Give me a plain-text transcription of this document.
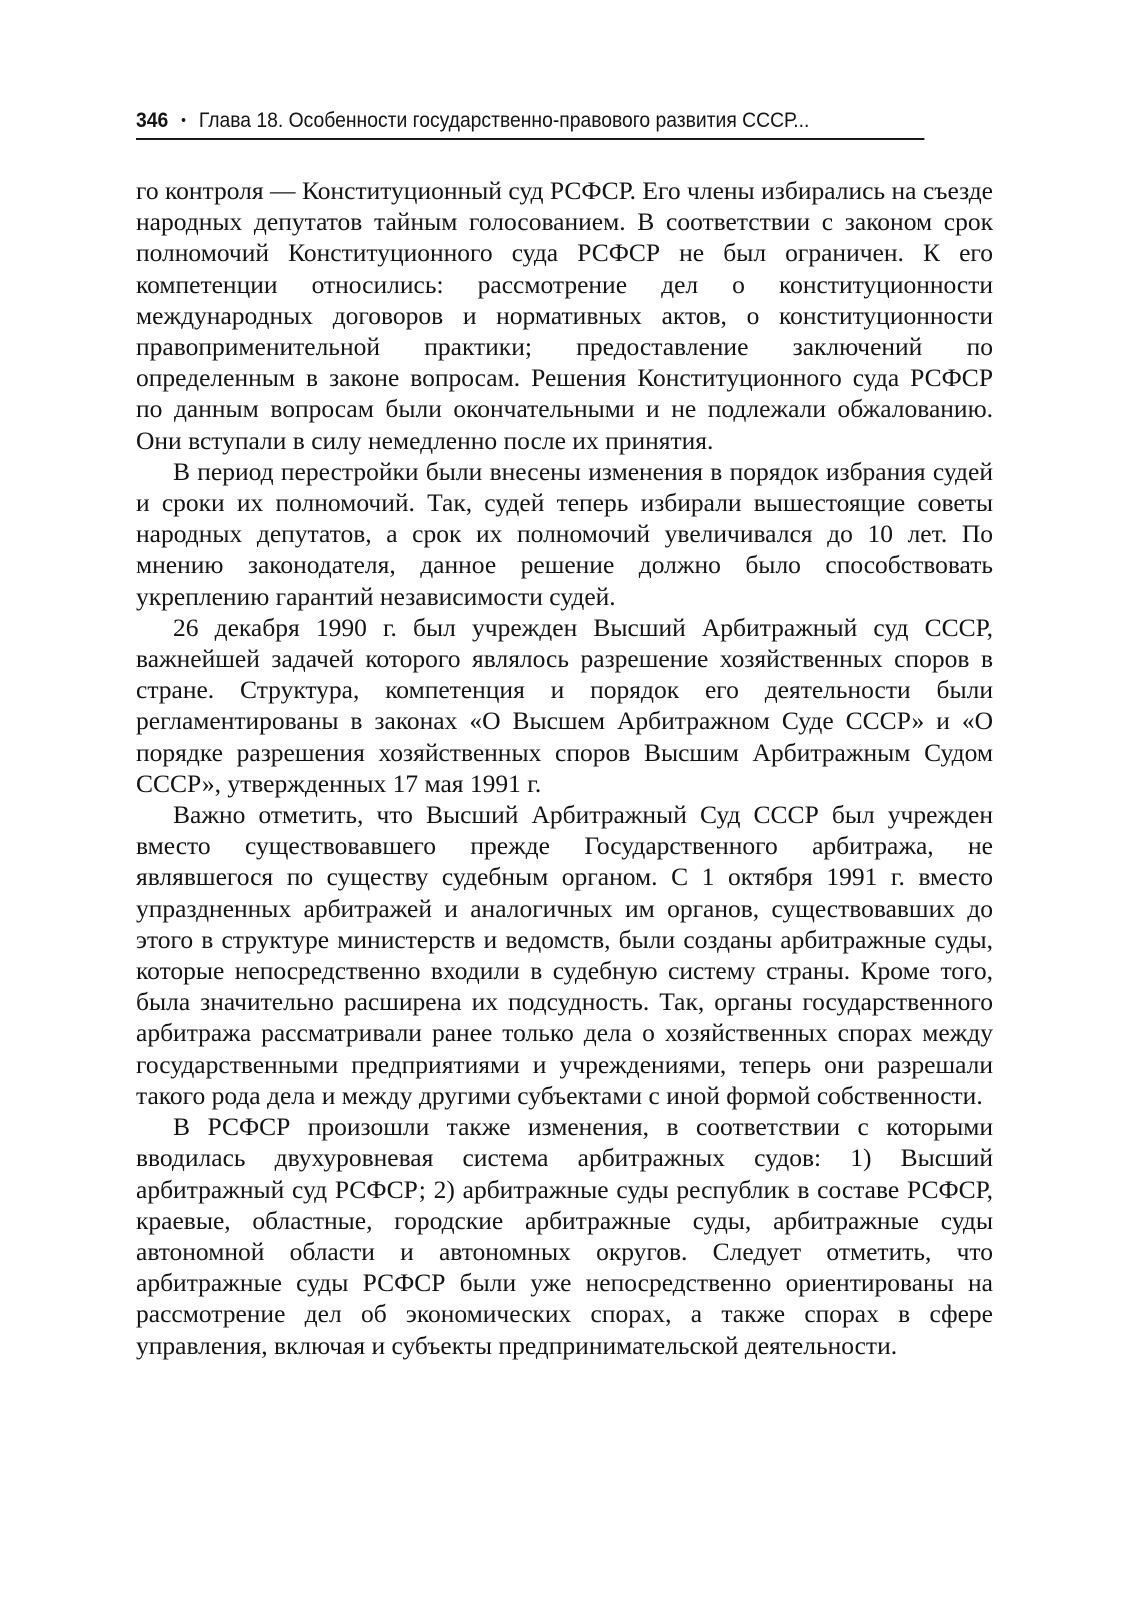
346 • Глава 18. Особенности государственно-правового развития СССР...

го контроля — Конституционный суд РСФСР. Его члены избирались на съезде народных депутатов тайным голосованием. В соответствии с законом срок полномочий Конституционного суда РСФСР не был ограничен. К его компетенции относились: рассмотрение дел о конституционности международных договоров и нормативных актов, о конституционности правоприменительной практики; предоставление заключений по определенным в законе вопросам. Решения Конституционного суда РСФСР по данным вопросам были окончательными и не подлежали обжалованию. Они вступали в силу немедленно после их принятия.

В период перестройки были внесены изменения в порядок избрания судей и сроки их полномочий. Так, судей теперь избирали вышестоящие советы народных депутатов, а срок их полномочий увеличивался до 10 лет. По мнению законодателя, данное решение должно было способствовать укреплению гарантий независимости судей.

26 декабря 1990 г. был учрежден Высший Арбитражный суд СССР, важнейшей задачей которого являлось разрешение хозяйственных споров в стране. Структура, компетенция и порядок его деятельности были регламентированы в законах «О Высшем Арбитражном Суде СССР» и «О порядке разрешения хозяйственных споров Высшим Арбитражным Судом СССР», утвержденных 17 мая 1991 г.

Важно отметить, что Высший Арбитражный Суд СССР был учрежден вместо существовавшего прежде Государственного арбитража, не являвшегося по существу судебным органом. С 1 октября 1991 г. вместо упраздненных арбитражей и аналогичных им органов, существовавших до этого в структуре министерств и ведомств, были созданы арбитражные суды, которые непосредственно входили в судебную систему страны. Кроме того, была значительно расширена их подсудность. Так, органы государственного арбитража рассматривали ранее только дела о хозяйственных спорах между государственными предприятиями и учреждениями, теперь они разрешали такого рода дела и между другими субъектами с иной формой собственности.

В РСФСР произошли также изменения, в соответствии с которыми вводилась двухуровневая система арбитражных судов: 1) Высший арбитражный суд РСФСР; 2) арбитражные суды республик в составе РСФСР, краевые, областные, городские арбитражные суды, арбитражные суды автономной области и автономных округов. Следует отметить, что арбитражные суды РСФСР были уже непосредственно ориентированы на рассмотрение дел об экономических спорах, а также спорах в сфере управления, включая и субъекты предпринимательской деятельности.
